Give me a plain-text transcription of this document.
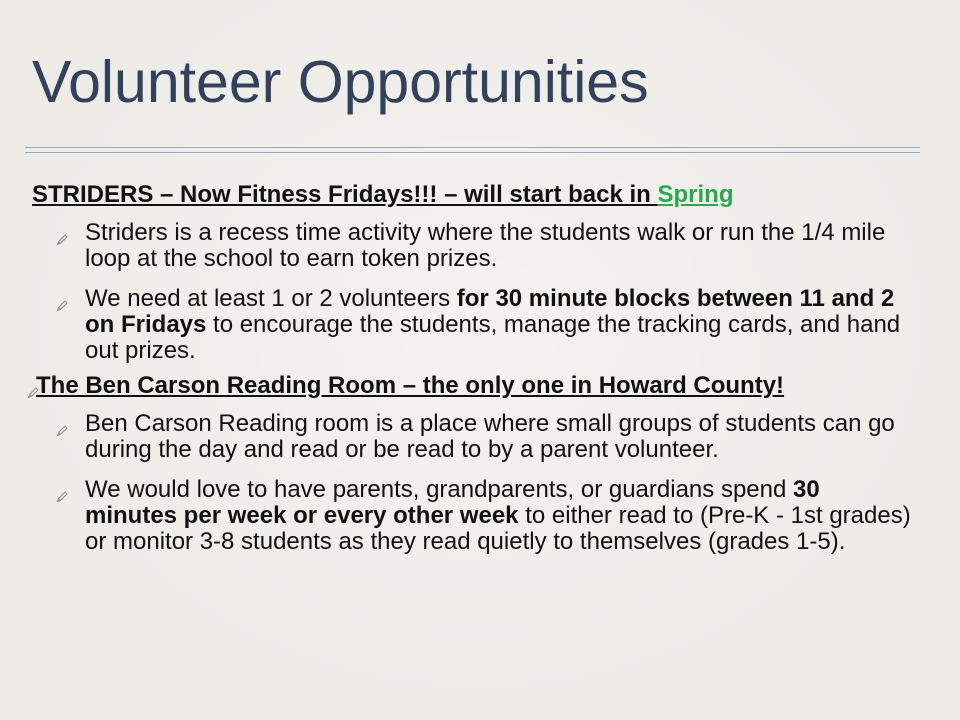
Volunteer Opportunities
STRIDERS – Now Fitness Fridays!!! – will start back in Spring
Striders is a recess time activity where the students walk or run the 1/4 mile
loop at the school to earn token prizes.
We need at least 1 or 2 volunteers for 30 minute blocks between 11 and 2
on Fridays to encourage the students, manage the tracking cards, and hand
out prizes.
The Ben Carson Reading Room – the only one in Howard County!
Ben Carson Reading room is a place where small groups of students can go
during the day and read or be read to by a parent volunteer.
We would love to have parents, grandparents, or guardians spend 30
minutes per week or every other week to either read to (Pre-K - 1st grades)
or monitor 3-8 students as they read quietly to themselves (grades 1-5).
